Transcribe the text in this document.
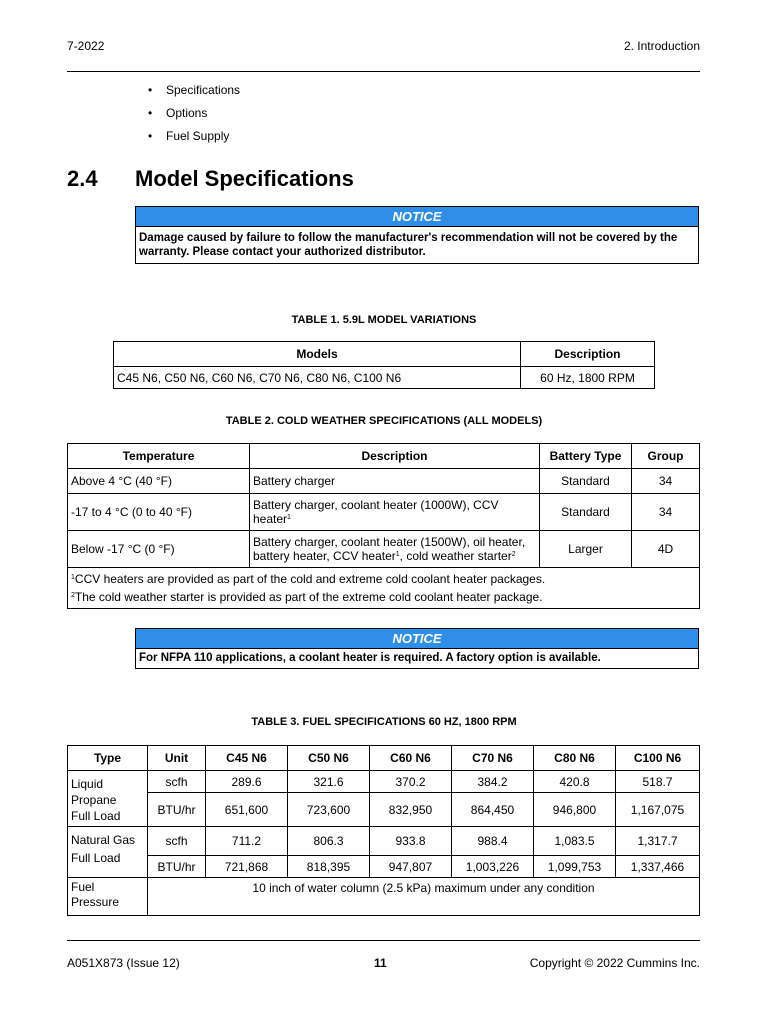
7-2022	2. Introduction
• Specifications
• Options
• Fuel Supply
2.4 Model Specifications
NOTICE
Damage caused by failure to follow the manufacturer's recommendation will not be covered by the warranty. Please contact your authorized distributor.
TABLE 1. 5.9L MODEL VARIATIONS
Models	Description
C45 N6, C50 N6, C60 N6, C70 N6, C80 N6, C100 N6	60 Hz, 1800 RPM
TABLE 2. COLD WEATHER SPECIFICATIONS (ALL MODELS)
Temperature	Description	Battery Type	Group
Above 4 °C (40 °F)	Battery charger	Standard	34
-17 to 4 °C (0 to 40 °F)	Battery charger, coolant heater (1000W), CCV heater$^1$	Standard	34
Below -17 °C (0 °F)	Battery charger, coolant heater (1500W), oil heater, battery heater, CCV heater$^1$, cold weather starter$^2$	Larger	4D

$^1$CCV heaters are provided as part of the cold and extreme cold coolant heater packages.
$^2$The cold weather starter is provided as part of the extreme cold coolant heater package.			
NOTICE
For NFPA 110 applications, a coolant heater is required. A factory option is available.
TABLE 3. FUEL SPECIFICATIONS 60 HZ, 1800 RPM
Type	Unit	C45 N6	C50 N6	C60 N6	C70 N6	C80 N6	C100 N6
Liquid
Propane
Full Load	scfh	289.6	321.6	370.2	384.2	420.8	518.7
	BTU/hr	651,600	723,600	832,950	864,450	946,800	1,167,075
Natural Gas
Full Load	scfh	711.2	806.3	933.8	988.4	1,083.5	1,317.7
	BTU/hr	721,868	818,395	947,807	1,003,226	1,099,753	1,337,466
Fuel
Pressure	10 inch of water column (2.5 kPa) maximum under any condition						
A051X873 (Issue 12)	11	Copyright © 2022 Cummins Inc.
